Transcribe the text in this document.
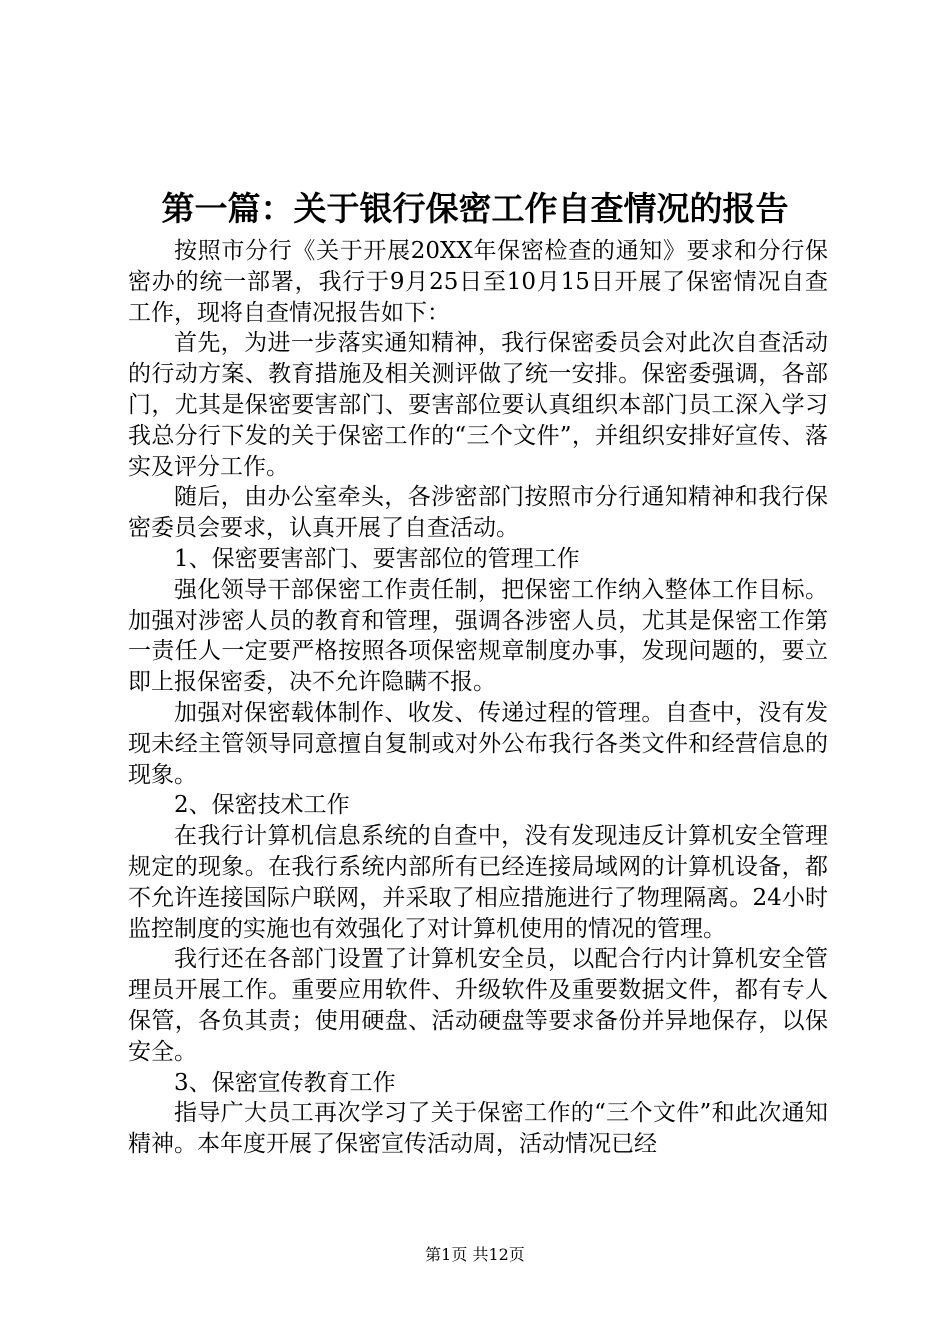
第一篇：关于银行保密工作自查情况的报告

按照市分行《关于开展20XX年保密检查的通知》要求和分行保密办的统一部署，我行于9月25日至10月15日开展了保密情况自查工作，现将自查情况报告如下：

首先，为进一步落实通知精神，我行保密委员会对此次自查活动的行动方案、教育措施及相关测评做了统一安排。保密委强调，各部门，尤其是保密要害部门、要害部位要认真组织本部门员工深入学习我总分行下发的关于保密工作的“三个文件”，并组织安排好宣传、落实及评分工作。

随后，由办公室牵头，各涉密部门按照市分行通知精神和我行保密委员会要求，认真开展了自查活动。

1、保密要害部门、要害部位的管理工作

强化领导干部保密工作责任制，把保密工作纳入整体工作目标。加强对涉密人员的教育和管理，强调各涉密人员，尤其是保密工作第一责任人一定要严格按照各项保密规章制度办事，发现问题的，要立即上报保密委，决不允许隐瞒不报。

加强对保密载体制作、收发、传递过程的管理。自查中，没有发现未经主管领导同意擅自复制或对外公布我行各类文件和经营信息的现象。

2、保密技术工作

在我行计算机信息系统的自查中，没有发现违反计算机安全管理规定的现象。在我行系统内部所有已经连接局域网的计算机设备，都不允许连接国际户联网，并采取了相应措施进行了物理隔离。24小时监控制度的实施也有效强化了对计算机使用的情况的管理。

我行还在各部门设置了计算机安全员，以配合行内计算机安全管理员开展工作。重要应用软件、升级软件及重要数据文件，都有专人保管，各负其责；使用硬盘、活动硬盘等要求备份并异地保存，以保安全。

3、保密宣传教育工作

指导广大员工再次学习了关于保密工作的“三个文件”和此次通知精神。本年度开展了保密宣传活动周，活动情况已经

第1页 共12页
